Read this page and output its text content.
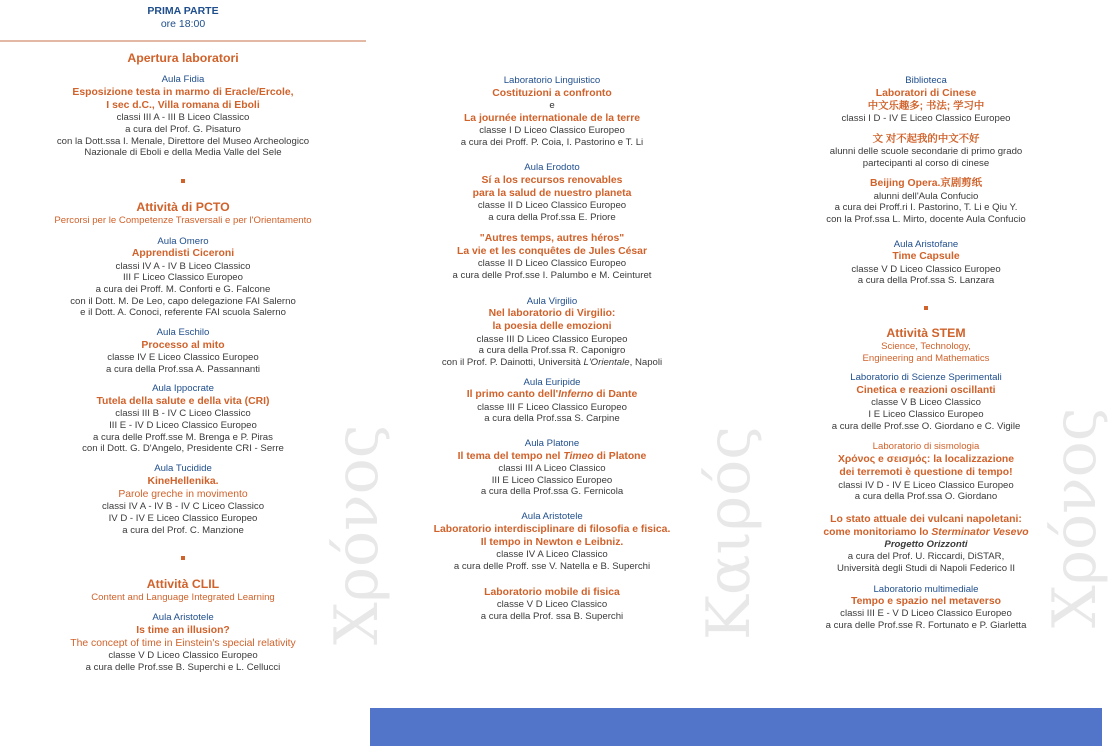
Χρόνος	Καιρός	Χρόνος
PRIMA PARTE
ore 18:00
Apertura laboratori
Aula Fidia
Esposizione testa in marmo di Eracle/Ercole,
I sec d.C., Villa romana di Eboli
classi III A - III B Liceo Classico
a cura del Prof. G. Pisaturo
con la Dott.ssa I. Menale, Direttore del Museo Archeologico
Nazionale di Eboli e della Media Valle del Sele
Attività di PCTO
Percorsi per le Competenze Trasversali e per l'Orientamento
Aula Omero
Apprendisti Ciceroni
classi IV A - IV B Liceo Classico
III F Liceo Classico Europeo
a cura dei Proff. M. Conforti e G. Falcone
con il Dott. M. De Leo, capo delegazione FAI Salerno
e il Dott. A. Conoci, referente FAI scuola Salerno
Aula Eschilo
Processo al mito
classe IV E Liceo Classico Europeo
a cura della Prof.ssa A. Passannanti
Aula Ippocrate
Tutela della salute e della vita (CRI)
classi III B - IV C Liceo Classico
III E - IV D Liceo Classico Europeo
a cura delle Proff.sse M. Brenga e P. Piras
con il Dott. G. D'Angelo, Presidente CRI - Serre
Aula Tucidide
KineHellenika.
Parole greche in movimento
classi IV A - IV B - IV C Liceo Classico
IV D - IV E Liceo Classico Europeo
a cura del Prof. C. Manzione
Attività CLIL
Content and Language Integrated Learning
Aula Aristotele
Is time an illusion?
The concept of time in Einstein's special relativity
classe V D Liceo Classico Europeo
a cura delle Prof.sse B. Superchi e L. Cellucci
Laboratorio Linguistico
Costituzioni a confronto
e
La journée internationale de la terre
classe I D Liceo Classico Europeo
a cura dei Proff. P. Coia, I. Pastorino e T. Li
Aula Erodoto
Sí a los recursos renovables
para la salud de nuestro planeta
classe II D Liceo Classico Europeo
a cura della Prof.ssa E. Priore
"Autres temps, autres héros"
La vie et les conquêtes de Jules César
classe II D Liceo Classico Europeo
a cura delle Prof.sse I. Palumbo e M. Ceinturet
Aula Virgilio
Nel laboratorio di Virgilio:
la poesia delle emozioni
classe III D Liceo Classico Europeo
a cura della Prof.ssa R. Caponigro
con il Prof. P. Dainotti, Università L'Orientale, Napoli
Aula Euripide
Il primo canto dell'Inferno di Dante
classe III F Liceo Classico Europeo
a cura della Prof.ssa S. Carpine
Aula Platone
Il tema del tempo nel Timeo di Platone
classi III A Liceo Classico
III E Liceo Classico Europeo
a cura della Prof.ssa G. Fernicola
Aula Aristotele
Laboratorio interdisciplinare di filosofia e fisica.
Il tempo in Newton e Leibniz.
classe IV A Liceo Classico
a cura delle Proff. sse V. Natella e B. Superchi
Laboratorio mobile di fisica
classe V D Liceo Classico
a cura della Prof. ssa B. Superchi
Biblioteca
Laboratori di Cinese
中文乐趣多; 书法; 学习中
classi I D - IV E Liceo Classico Europeo
文 对不起我的中文不好
alunni delle scuole secondarie di primo grado
partecipanti al corso di cinese
Beijing Opera.京剧剪纸
alunni dell'Aula Confucio
a cura dei Proff.ri I. Pastorino, T. Li e Qiu Y.
con la Prof.ssa L. Mirto, docente Aula Confucio
Aula Aristofane
Time Capsule
classe V D Liceo Classico Europeo
a cura della Prof.ssa S. Lanzara
Attività STEM
Science, Technology,
Engineering and Mathematics
Laboratorio di Scienze Sperimentali
Cinetica e reazioni oscillanti
classe V B Liceo Classico
I E Liceo Classico Europeo
a cura delle Prof.sse O. Giordano e C. Vigile
Laboratorio di sismologia
Χρόνος e σεισμός: la localizzazione
dei terremoti è questione di tempo!
classi IV D - IV E Liceo Classico Europeo
a cura della Prof.ssa O. Giordano
Lo stato attuale dei vulcani napoletani:
come monitoriamo lo Sterminator Vesevo
Progetto Orizzonti
a cura del Prof. U. Riccardi, DiSTAR,
Università degli Studi di Napoli Federico II
Laboratorio multimediale
Tempo e spazio nel metaverso
classi III E - V D Liceo Classico Europeo
a cura delle Prof.sse R. Fortunato e P. Giarletta
